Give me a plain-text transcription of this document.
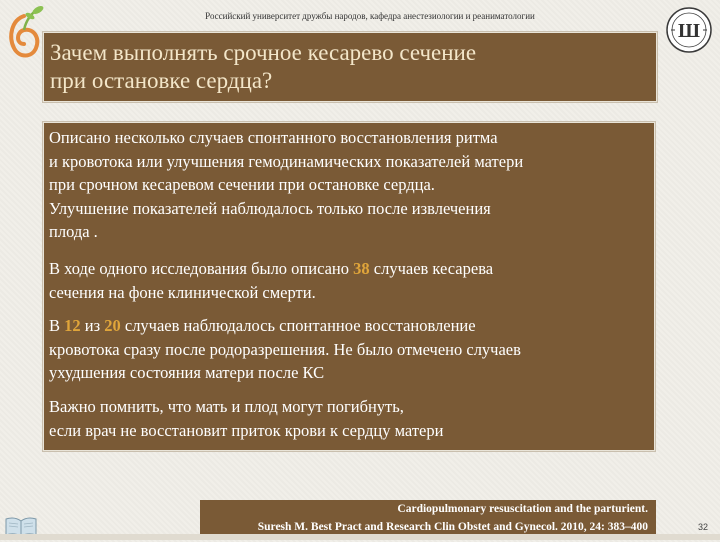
Российский университет дружбы народов, кафедра анестезиологии и реаниматологии
Ш
Зачем выполнять срочное кесарево сечение
при остановке сердца?
Описано несколько случаев спонтанного восстановления ритма
и кровотока или улучшения гемодинамических показателей матери
при срочном кесаревом сечении при остановке сердца.
Улучшение показателей наблюдалось только после извлечения
плода .
В ходе одного исследования было описано 38 случаев кесарева
сечения на фоне клинической смерти.
В 12 из 20 случаев наблюдалось спонтанное восстановление
кровотока сразу после родоразрешения. Не было отмечено случаев
ухудшения состояния матери после КС
Важно помнить, что мать и плод могут погибнуть,
если врач не восстановит приток крови к сердцу матери
Cardiopulmonary resuscitation and the parturient.
Suresh M. Best Pract and Research Clin Obstet and Gynecol. 2010, 24: 383–400	32
